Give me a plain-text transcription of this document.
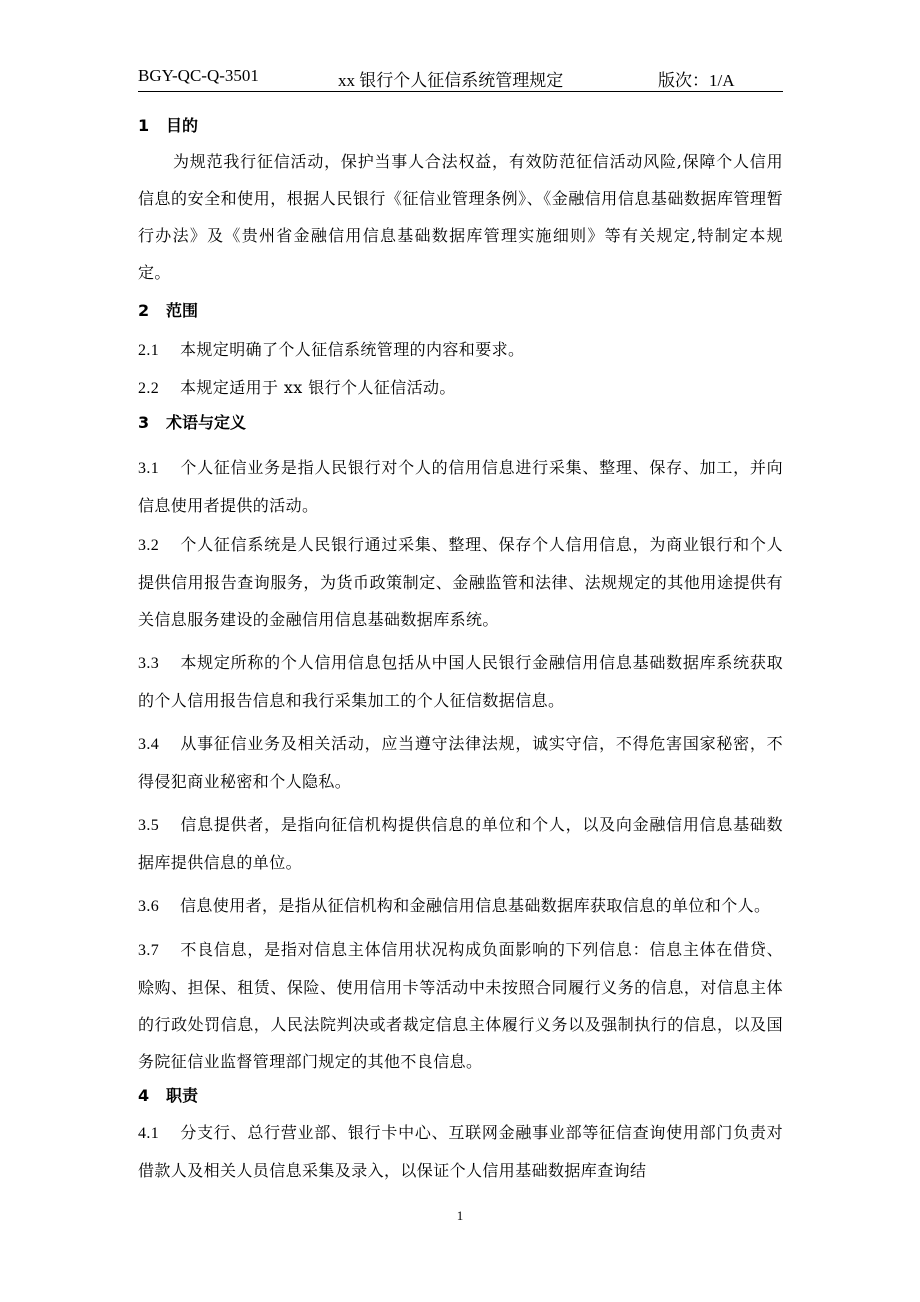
BGY-QC-Q-3501	xx 银行个人征信系统管理规定	版次：1/A
1 目的
为规范我行征信活动，保护当事人合法权益，有效防范征信活动风险,保障个人信用信息的安全和使用，根据人民银行《征信业管理条例》、《金融信用信息基础数据库管理暂行办法》及《贵州省金融信用信息基础数据库管理实施细则》等有关规定,特制定本规定。
2 范围
2.1 本规定明确了个人征信系统管理的内容和要求。
2.2 本规定适用于 xx 银行个人征信活动。
3 术语与定义
3.1 个人征信业务是指人民银行对个人的信用信息进行采集、整理、保存、加工，并向信息使用者提供的活动。
3.2 个人征信系统是人民银行通过采集、整理、保存个人信用信息，为商业银行和个人提供信用报告查询服务，为货币政策制定、金融监管和法律、法规规定的其他用途提供有关信息服务建设的金融信用信息基础数据库系统。
3.3 本规定所称的个人信用信息包括从中国人民银行金融信用信息基础数据库系统获取的个人信用报告信息和我行采集加工的个人征信数据信息。
3.4 从事征信业务及相关活动，应当遵守法律法规，诚实守信，不得危害国家秘密，不得侵犯商业秘密和个人隐私。
3.5 信息提供者，是指向征信机构提供信息的单位和个人，以及向金融信用信息基础数据库提供信息的单位。
3.6 信息使用者，是指从征信机构和金融信用信息基础数据库获取信息的单位和个人。
3.7 不良信息，是指对信息主体信用状况构成负面影响的下列信息：信息主体在借贷、赊购、担保、租赁、保险、使用信用卡等活动中未按照合同履行义务的信息，对信息主体的行政处罚信息，人民法院判决或者裁定信息主体履行义务以及强制执行的信息，以及国务院征信业监督管理部门规定的其他不良信息。
4 职责
4.1 分支行、总行营业部、银行卡中心、互联网金融事业部等征信查询使用部门负责对借款人及相关人员信息采集及录入，以保证个人信用基础数据库查询结
1
